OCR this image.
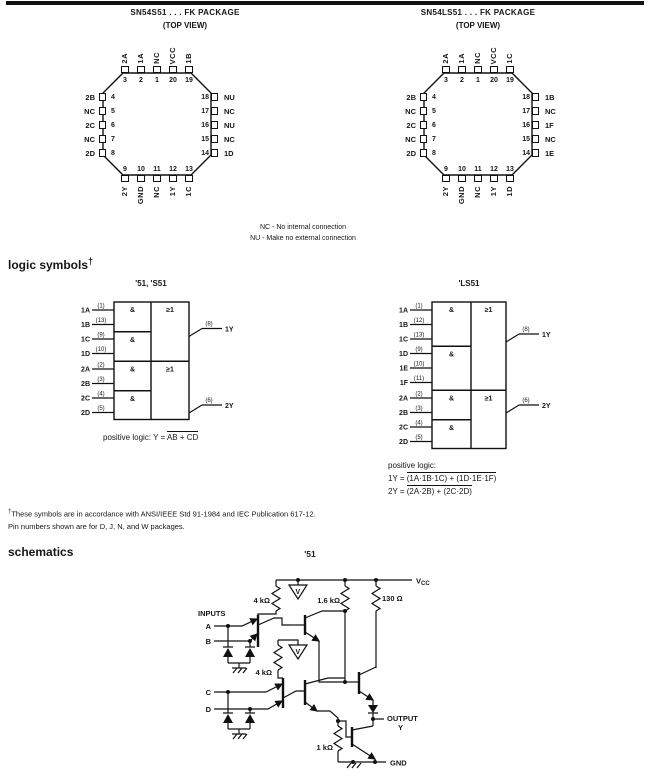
SN54S51 . . . FK PACKAGE
(TOP VIEW)
3
2A
2
1A
1
NC
20
VCC
19
1B
9
2Y
10
GND
11
NC
12
1Y
13
1C
4
2B
5
NC
6
2C
7
NC
8
2D
18 NU
17 NC
16 NU
15 NC
14 1D
SN54LS51 . . . FK PACKAGE
(TOP VIEW)
3
2A
2
1A
1
NC
20
VCC
19
1C
9
2Y
10
GND
11
NC
12
1Y
13
1D
4
2B
5
NC
6
2C
7
NC
8
2D
18 1B
17 NC
16 1F
15 NC
14 1E
NC - No internal connection
NU - Make no external connection
logic symbols†
'51, 'S51
1A
(1)
1B
(13)
1C
(9)
1D
(10)
2A
(2)
2B
(3)
2C
(4)
2D
(5)
&
&
&
&
≥1
≥1
(8)
1Y
(6)
2Y
positive logic: Y = AB + CD
'LS51
1A
(1)
1B
(12)
1C
(13)
1D
(9)
1E
(10)
1F
(11)
2A
(2)
2B
(3)
2C
(4)
2D
(5)
&
&
&
&
≥1
≥1
(8)
1Y
(6)
2Y
positive logic:
1Y = (1A·1B·1C) + (1D·1E·1F)
2Y = (2A·2B) + (2C·2D)
†These symbols are in accordance with ANSI/IEEE Std 91-1984 and IEC Publication 617-12.
Pin numbers shown are for D, J, N, and W packages.
schematics	'51
V
V
$V_{CC}$
4 kΩ	1.6 kΩ	130 Ω
INPUTS
A
B
C
D
4 kΩ
1 kΩ
OUTPUT
Y
GND
